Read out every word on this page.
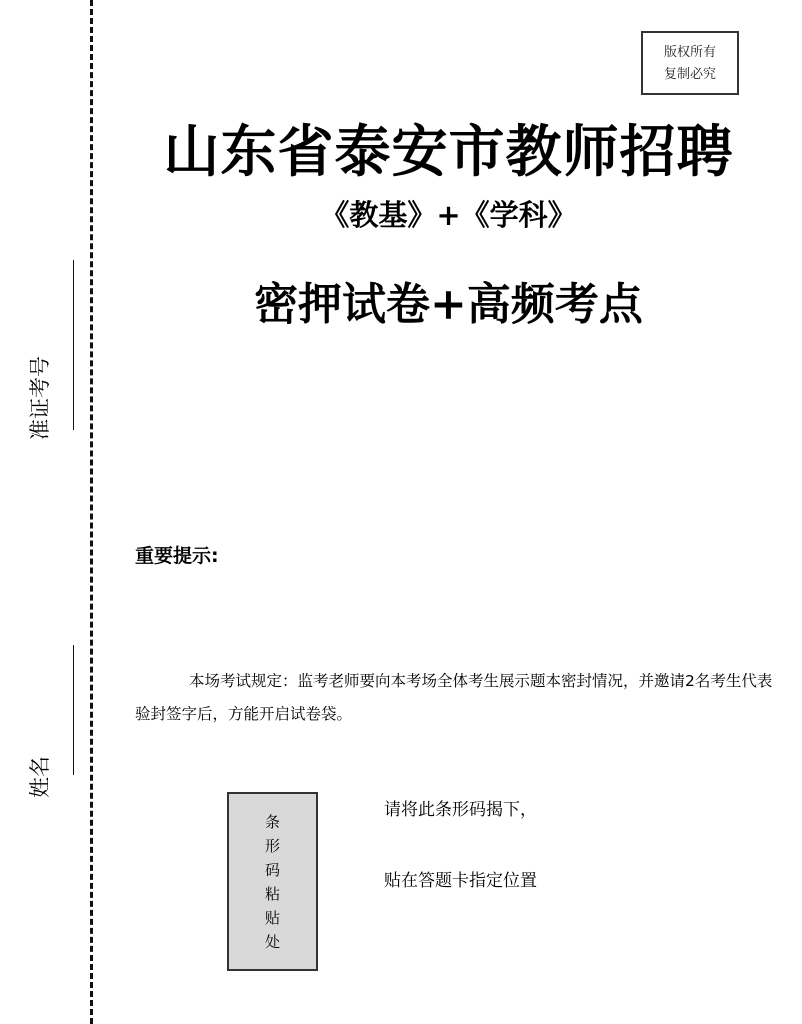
准证考号
姓名
版权所有
复制必究
山东省泰安市教师招聘
《教基》+《学科》
密押试卷+高频考点
重要提示:
本场考试规定：监考老师要向本考场全体考生展示题本密封情况，并邀请2名考生代表验封签字后，方能开启试卷袋。
条
形
码
粘
贴
处
请将此条形码揭下，
贴在答题卡指定位置
